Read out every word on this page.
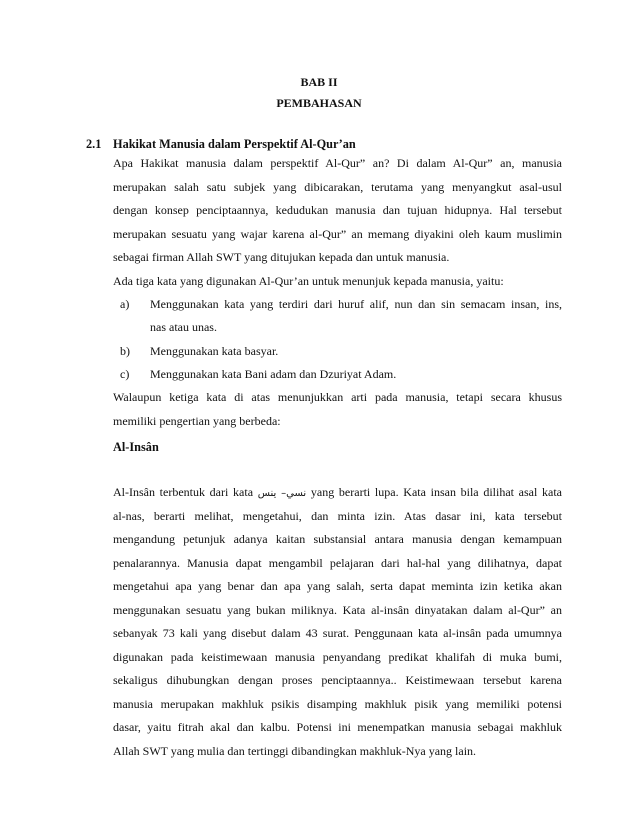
BAB II
PEMBAHASAN
2.1 Hakikat Manusia dalam Perspektif Al-Qur’an
Apa Hakikat manusia dalam perspektif Al-Qur” an? Di dalam Al-Qur” an, manusia
merupakan salah satu subjek yang dibicarakan, terutama yang menyangkut asal-usul
dengan konsep penciptaannya, kedudukan manusia dan tujuan hidupnya. Hal tersebut
merupakan sesuatu yang wajar karena al-Qur” an memang diyakini oleh kaum muslimin
sebagai firman Allah SWT yang ditujukan kepada dan untuk manusia.
Ada tiga kata yang digunakan Al-Qur’an untuk menunjuk kepada manusia, yaitu:
a)	Menggunakan kata yang terdiri dari huruf alif, nun dan sin semacam insan, ins,
nas atau unas.
b)	Menggunakan kata basyar.
c)	Menggunakan kata Bani adam dan Dzuriyat Adam.
Walaupun ketiga kata di atas menunjukkan arti pada manusia, tetapi secara khusus
memiliki pengertian yang berbeda:
Al-Insân
Al-Insân terbentuk dari kata نسي– ينس yang berarti lupa. Kata insan bila dilihat asal kata
al-nas, berarti melihat, mengetahui, dan minta izin. Atas dasar ini, kata tersebut
mengandung petunjuk adanya kaitan substansial antara manusia dengan kemampuan
penalarannya. Manusia dapat mengambil pelajaran dari hal-hal yang dilihatnya, dapat
mengetahui apa yang benar dan apa yang salah, serta dapat meminta izin ketika akan
menggunakan sesuatu yang bukan miliknya. Kata al-insân dinyatakan dalam al-Qur” an
sebanyak 73 kali yang disebut dalam 43 surat. Penggunaan kata al-insân pada umumnya
digunakan pada keistimewaan manusia penyandang predikat khalifah di muka bumi,
sekaligus dihubungkan dengan proses penciptaannya.. Keistimewaan tersebut karena
manusia merupakan makhluk psikis disamping makhluk pisik yang memiliki potensi
dasar, yaitu fitrah akal dan kalbu. Potensi ini menempatkan manusia sebagai makhluk
Allah SWT yang mulia dan tertinggi dibandingkan makhluk-Nya yang lain.
